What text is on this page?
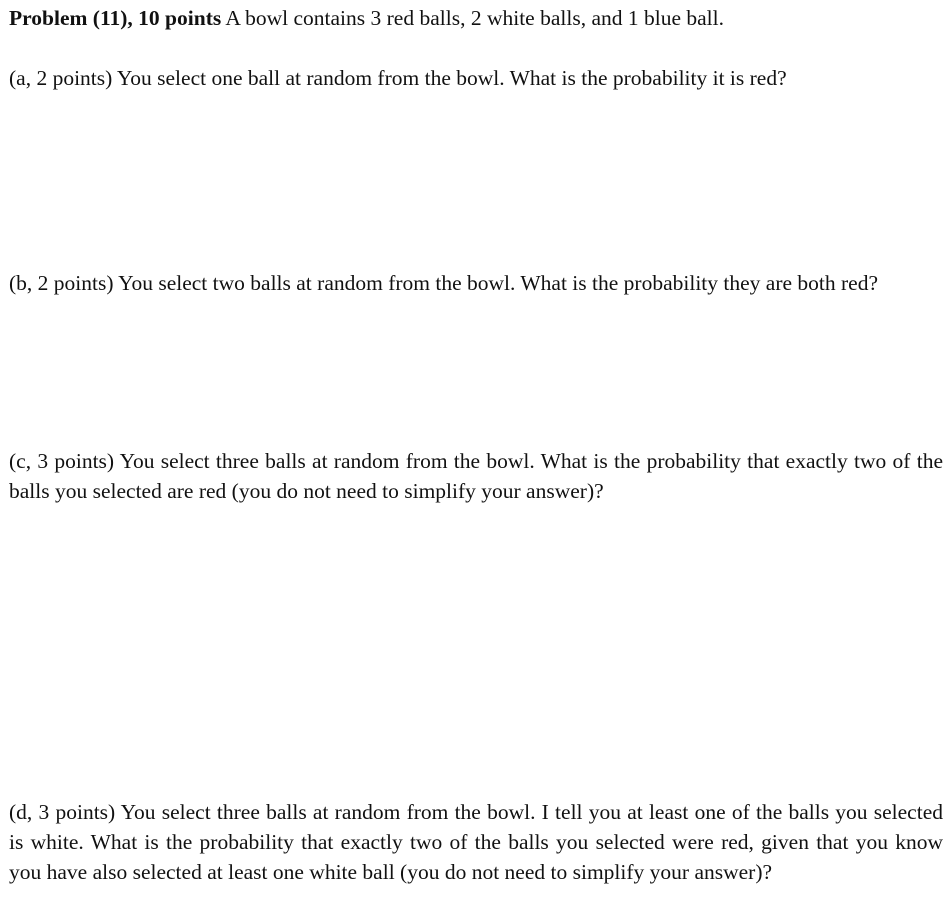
Problem (11), 10 points A bowl contains 3 red balls, 2 white balls, and 1 blue ball.

(a, 2 points) You select one ball at random from the bowl. What is the probability it is red?

(b, 2 points) You select two balls at random from the bowl. What is the probability they are both red?

(c, 3 points) You select three balls at random from the bowl. What is the probability that exactly two of the balls you selected are red (you do not need to simplify your answer)?

(d, 3 points) You select three balls at random from the bowl. I tell you at least one of the balls you selected is white. What is the probability that exactly two of the balls you selected were red, given that you know you have also selected at least one white ball (you do not need to simplify your answer)?
